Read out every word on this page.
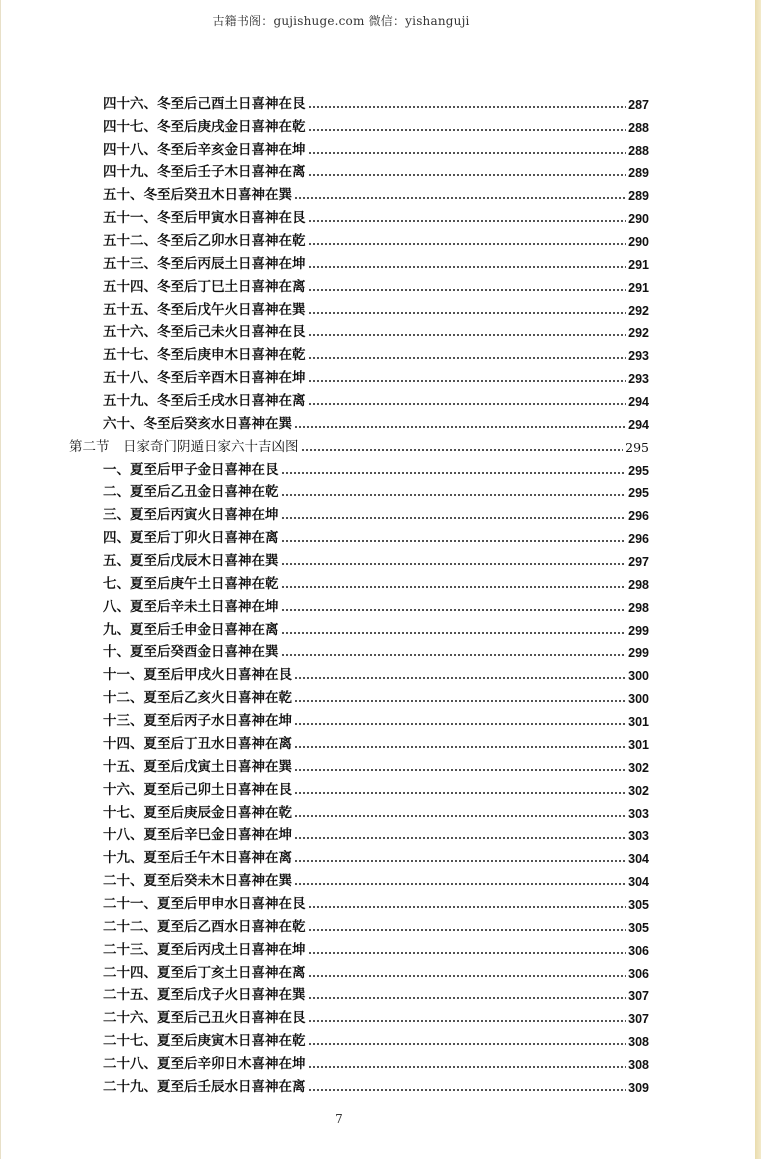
古籍书阁：gujishuge.com 微信：yishanguji
四十六、冬至后己酉土日喜神在艮	287
四十七、冬至后庚戌金日喜神在乾	288
四十八、冬至后辛亥金日喜神在坤	288
四十九、冬至后壬子木日喜神在离	289
五十、冬至后癸丑木日喜神在巽	289
五十一、冬至后甲寅水日喜神在艮	290
五十二、冬至后乙卯水日喜神在乾	290
五十三、冬至后丙辰土日喜神在坤	291
五十四、冬至后丁巳土日喜神在离	291
五十五、冬至后戊午火日喜神在巽	292
五十六、冬至后己未火日喜神在艮	292
五十七、冬至后庚申木日喜神在乾	293
五十八、冬至后辛酉木日喜神在坤	293
五十九、冬至后壬戌水日喜神在离	294
六十、冬至后癸亥水日喜神在巽	294
第二节　日家奇门阴遁日家六十吉凶图	295
一、夏至后甲子金日喜神在艮	295
二、夏至后乙丑金日喜神在乾	295
三、夏至后丙寅火日喜神在坤	296
四、夏至后丁卯火日喜神在离	296
五、夏至后戊辰木日喜神在巽	297
七、夏至后庚午土日喜神在乾	298
八、夏至后辛未土日喜神在坤	298
九、夏至后壬申金日喜神在离	299
十、夏至后癸酉金日喜神在巽	299
十一、夏至后甲戌火日喜神在艮	300
十二、夏至后乙亥火日喜神在乾	300
十三、夏至后丙子水日喜神在坤	301
十四、夏至后丁丑水日喜神在离	301
十五、夏至后戊寅土日喜神在巽	302
十六、夏至后己卯土日喜神在艮	302
十七、夏至后庚辰金日喜神在乾	303
十八、夏至后辛巳金日喜神在坤	303
十九、夏至后壬午木日喜神在离	304
二十、夏至后癸未木日喜神在巽	304
二十一、夏至后甲申水日喜神在艮	305
二十二、夏至后乙酉水日喜神在乾	305
二十三、夏至后丙戌土日喜神在坤	306
二十四、夏至后丁亥土日喜神在离	306
二十五、夏至后戊子火日喜神在巽	307
二十六、夏至后己丑火日喜神在艮	307
二十七、夏至后庚寅木日喜神在乾	308
二十八、夏至后辛卯日木喜神在坤	308
二十九、夏至后壬辰水日喜神在离	309
7
